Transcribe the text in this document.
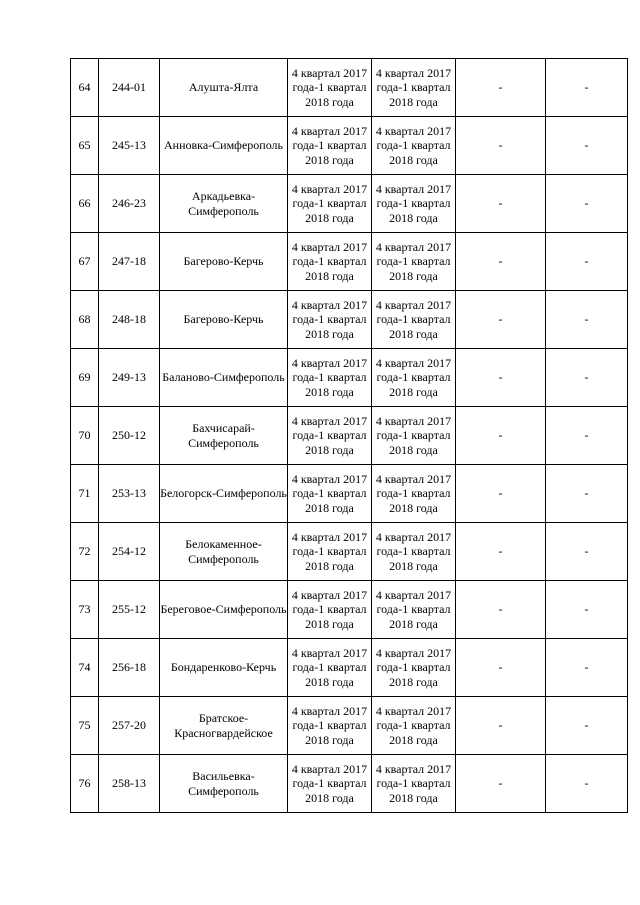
64	244-01	Алушта-Ялта	4 квартал 2017 года-1 квартал 2018 года	4 квартал 2017 года-1 квартал 2018 года	-	-
65	245-13	Анновка-Симферополь	4 квартал 2017 года-1 квартал 2018 года	4 квартал 2017 года-1 квартал 2018 года	-	-
66	246-23	Аркадьевка-Симферополь	4 квартал 2017 года-1 квартал 2018 года	4 квартал 2017 года-1 квартал 2018 года	-	-
67	247-18	Багерово-Керчь	4 квартал 2017 года-1 квартал 2018 года	4 квартал 2017 года-1 квартал 2018 года	-	-
68	248-18	Багерово-Керчь	4 квартал 2017 года-1 квартал 2018 года	4 квартал 2017 года-1 квартал 2018 года	-	-
69	249-13	Баланово-Симферополь	4 квартал 2017 года-1 квартал 2018 года	4 квартал 2017 года-1 квартал 2018 года	-	-
70	250-12	Бахчисарай-Симферополь	4 квартал 2017 года-1 квартал 2018 года	4 квартал 2017 года-1 квартал 2018 года	-	-
71	253-13	Белогорск-Симферополь	4 квартал 2017 года-1 квартал 2018 года	4 квартал 2017 года-1 квартал 2018 года	-	-
72	254-12	Белокаменное-Симферополь	4 квартал 2017 года-1 квартал 2018 года	4 квартал 2017 года-1 квартал 2018 года	-	-
73	255-12	Береговое-Симферополь	4 квартал 2017 года-1 квартал 2018 года	4 квартал 2017 года-1 квартал 2018 года	-	-
74	256-18	Бондаренково-Керчь	4 квартал 2017 года-1 квартал 2018 года	4 квартал 2017 года-1 квартал 2018 года	-	-
75	257-20	Братское-Красногвардейское	4 квартал 2017 года-1 квартал 2018 года	4 квартал 2017 года-1 квартал 2018 года	-	-
76	258-13	Васильевка-Симферополь	4 квартал 2017 года-1 квартал 2018 года	4 квартал 2017 года-1 квартал 2018 года	-	-
